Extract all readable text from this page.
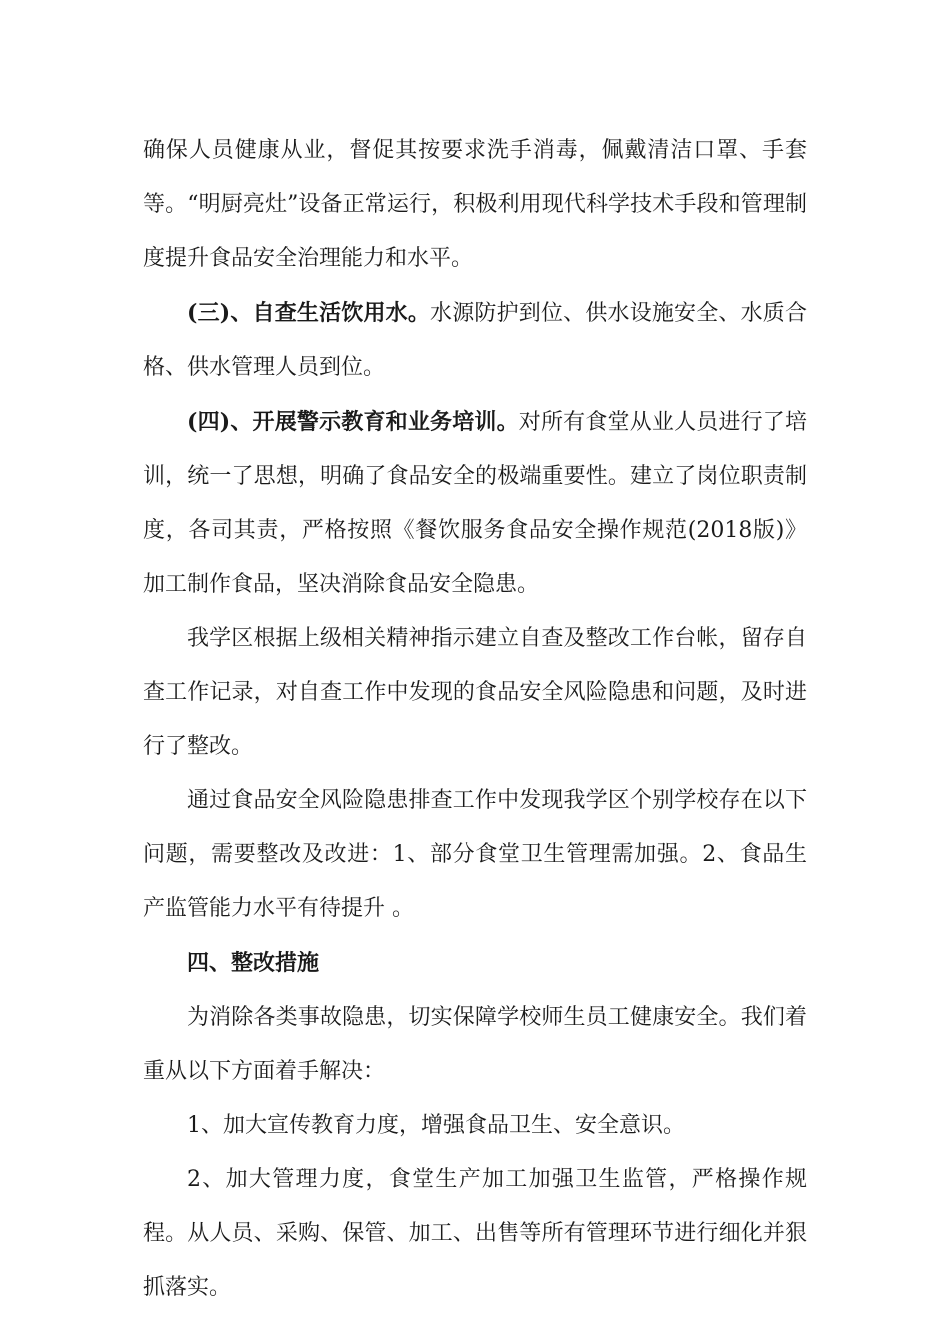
确保人员健康从业，督促其按要求洗手消毒，佩戴清洁口罩、手套等。“明厨亮灶”设备正常运行，积极利用现代科学技术手段和管理制度提升食品安全治理能力和水平。

(三)、自查生活饮用水。水源防护到位、供水设施安全、水质合格、供水管理人员到位。

(四)、开展警示教育和业务培训。对所有食堂从业人员进行了培训，统一了思想，明确了食品安全的极端重要性。建立了岗位职责制度，各司其责，严格按照《餐饮服务食品安全操作规范(2018版)》加工制作食品，坚决消除食品安全隐患。

我学区根据上级相关精神指示建立自查及整改工作台帐，留存自查工作记录，对自查工作中发现的食品安全风险隐患和问题，及时进行了整改。

通过食品安全风险隐患排查工作中发现我学区个别学校存在以下问题，需要整改及改进：1、部分食堂卫生管理需加强。2、食品生产监管能力水平有待提升 。

四、整改措施

为消除各类事故隐患，切实保障学校师生员工健康安全。我们着重从以下方面着手解决：

1、加大宣传教育力度，增强食品卫生、安全意识。

2、加大管理力度，食堂生产加工加强卫生监管，严格操作规程。从人员、采购、保管、加工、出售等所有管理环节进行细化并狠抓落实。
